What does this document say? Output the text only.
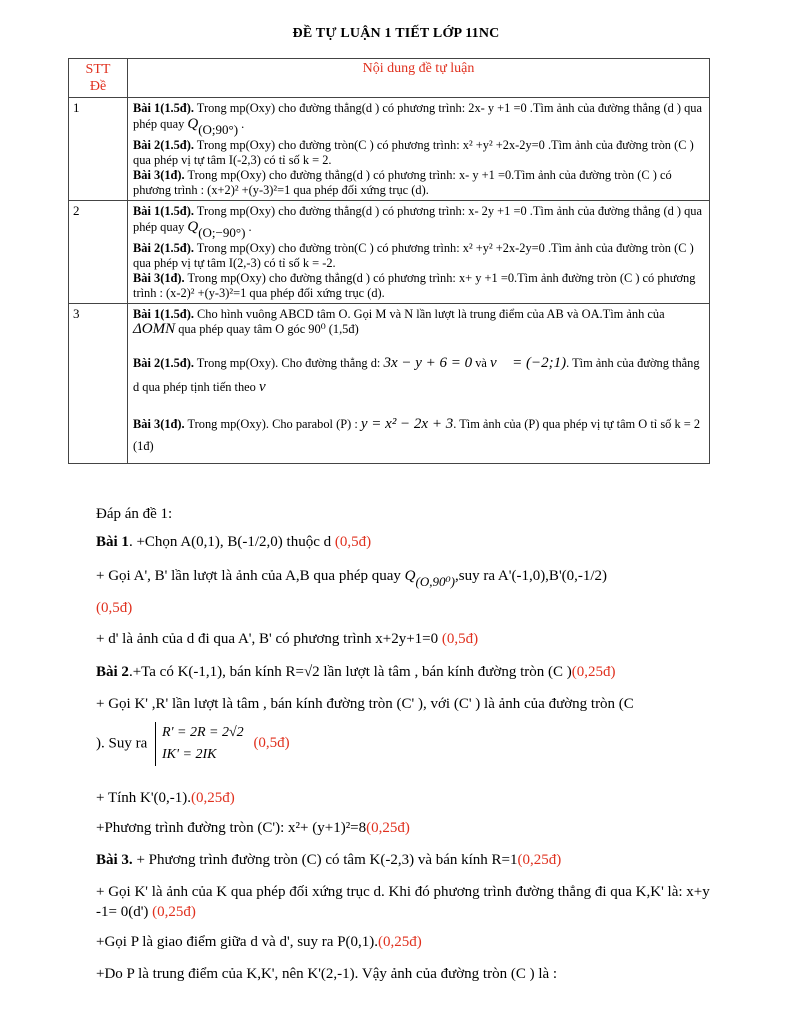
ĐỀ TỰ LUẬN 1 TIẾT LỚP 11NC
STT
Đề	Nội dung đề tự luận
1	Bài 1(1.5đ). Trong mp(Oxy) cho đường thẳng(d ) có phương trình: 2x- y +1 =0 .Tìm ảnh của đường thẳng (d ) qua phép quay Q(O;90°) .

Bài 2(1.5đ). Trong mp(Oxy) cho đường tròn(C ) có phương trình: x² +y² +2x-2y=0 .Tìm ảnh của đường tròn (C ) qua phép vị tự tâm I(-2,3) có tỉ số k = 2.

Bài 3(1đ). Trong mp(Oxy) cho đường thẳng(d ) có phương trình: x- y +1 =0.Tìm ảnh của đường tròn (C ) có phương trình : (x+2)² +(y-3)²=1 qua phép đối xứng trục (d).

2	Bài 1(1.5đ). Trong mp(Oxy) cho đường thẳng(d ) có phương trình: x- 2y +1 =0 .Tìm ảnh của đường thẳng (d ) qua phép quay Q(O;−90°) .

Bài 2(1.5đ). Trong mp(Oxy) cho đường tròn(C ) có phương trình: x² +y² +2x-2y=0 .Tìm ảnh của đường tròn (C ) qua phép vị tự tâm I(2,-3) có tỉ số k = -2.

Bài 3(1đ). Trong mp(Oxy) cho đường thẳng(d ) có phương trình: x+ y +1 =0.Tìm ảnh đường tròn (C ) có phương trình : (x-2)² +(y-3)²=1 qua phép đối xứng trục (d).

3	Bài 1(1.5đ). Cho hình vuông ABCD tâm O. Gọi M và N lần lượt là trung điểm của AB và OA.Tìm ảnh của ΔOMN qua phép quay tâm O góc 90⁰ (1,5đ)

Bài 2(1.5đ). Trong mp(Oxy). Cho đường thẳng d: 3x − y + 6 = 0 và v⃗ = (−2;1). Tìm ảnh của đường thẳng d qua phép tịnh tiến theo v⃗

Bài 3(1đ). Trong mp(Oxy). Cho parabol (P) : y = x² − 2x + 3. Tìm ảnh của (P) qua phép vị tự tâm O tỉ số k = 2 (1đ)

Đáp án đề 1:
Bài 1. +Chọn A(0,1), B(-1/2,0) thuộc d (0,5đ)
+ Gọi A', B' lần lượt là ảnh của A,B qua phép quay Q(O,90⁰),suy ra A'(-1,0),B'(0,-1/2)
(0,5đ)
+ d' là ảnh của d đi qua A', B' có phương trình x+2y+1=0 (0,5đ)
Bài 2.+Ta có K(-1,1), bán kính R=√2 lần lượt là tâm , bán kính đường tròn (C )(0,25đ)
+ Gọi K' ,R' lần lượt là tâm , bán kính đường tròn (C' ), với (C' ) là ảnh của đường tròn (C
). Suy ra
R' = 2R = 2√2
IK' = 2IK
(0,5đ)
+ Tính K'(0,-1).(0,25đ)
+Phương trình đường tròn (C'): x²+ (y+1)²=8(0,25đ)
Bài 3. + Phương trình đường tròn (C) có tâm K(-2,3) và bán kính R=1(0,25đ)
+ Gọi K' là ảnh của K qua phép đối xứng trục d. Khi đó phương trình đường thẳng đi qua K,K' là: x+y -1= 0(d') (0,25đ)
+Gọi P là giao điểm giữa d và d', suy ra P(0,1).(0,25đ)
+Do P là trung điểm của K,K', nên K'(2,-1). Vậy ảnh của đường tròn (C ) là :
